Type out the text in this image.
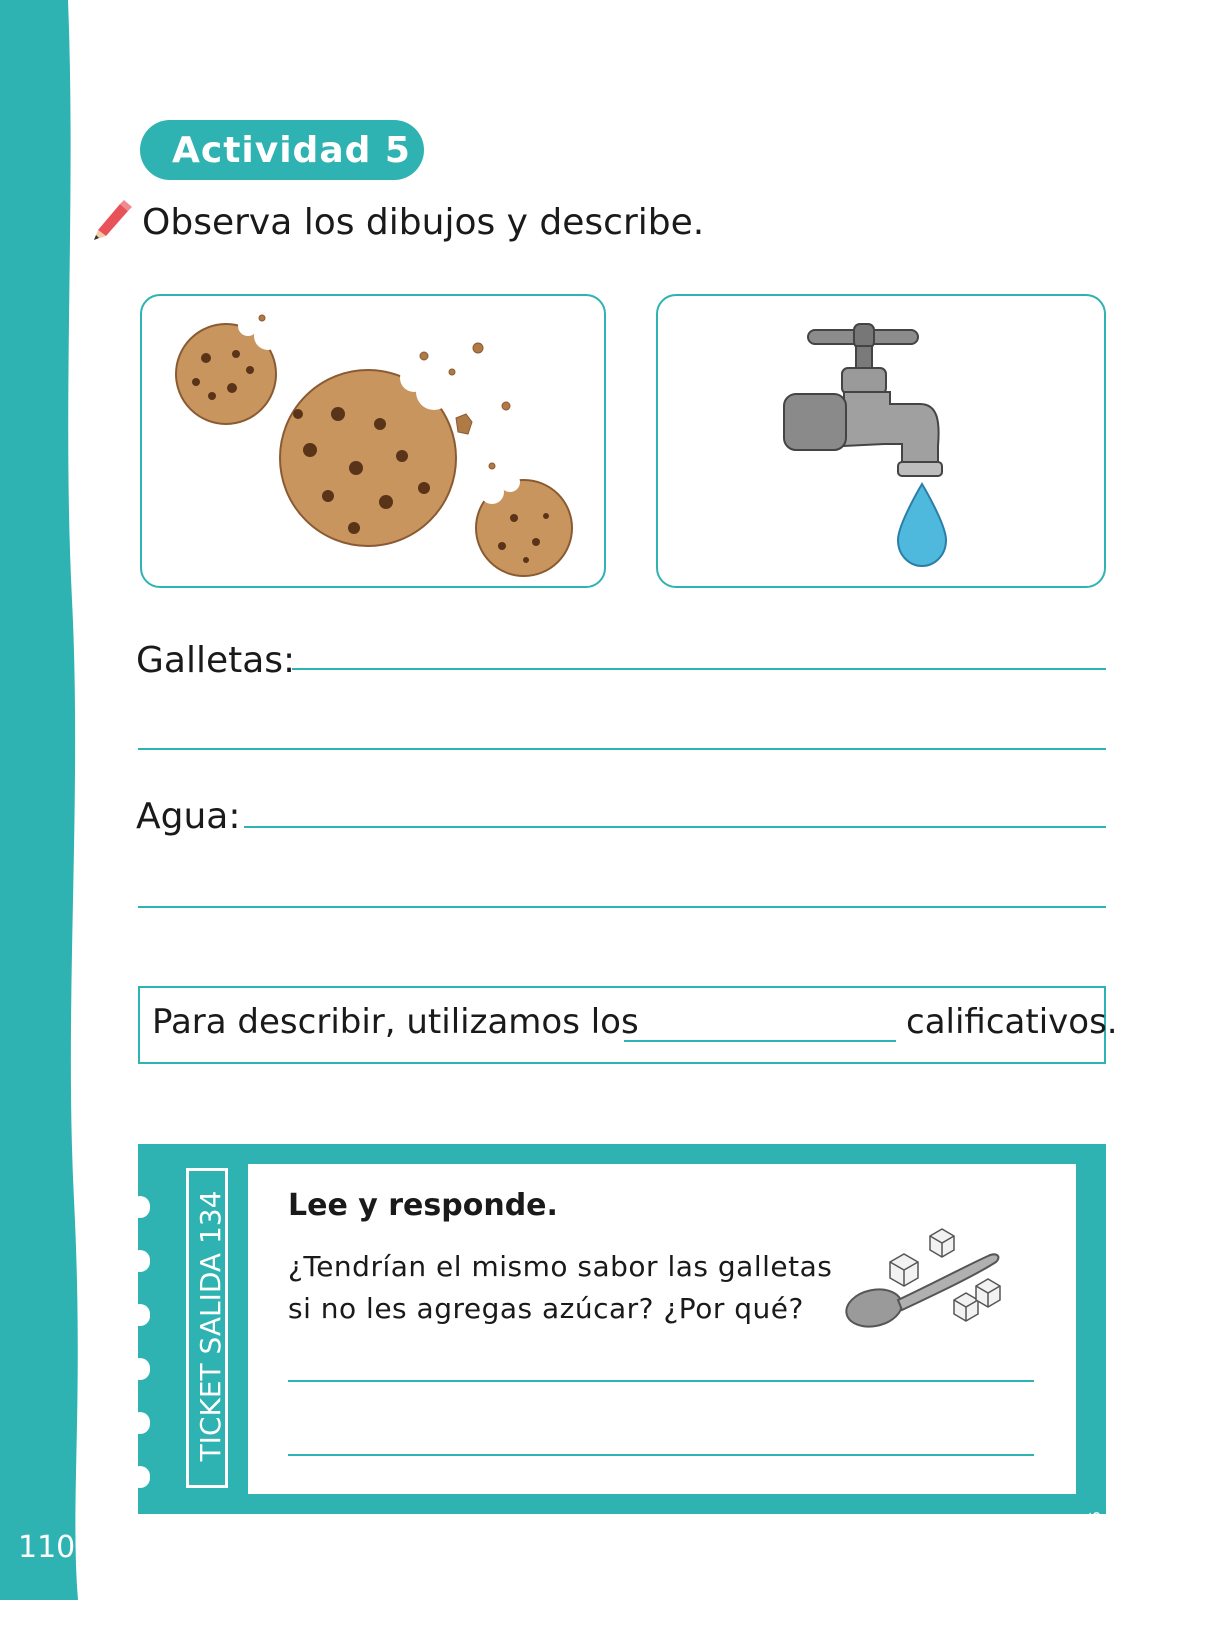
110
Actividad 5
Observa los dibujos y describe.
Galletas:
Agua:
Para describir, utilizamos los	calificativos.
TICKET SALIDA 134 Lee y responde.
¿Tendrían el mismo sabor las galletas
si no les agregas azúcar? ¿Por qué?
LECTURA OA 5
